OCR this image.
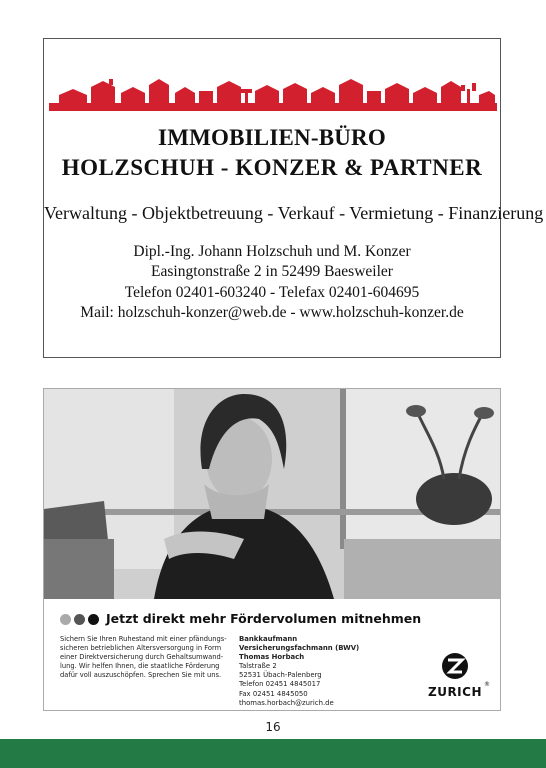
IMMOBILIEN-BÜRO
HOLZSCHUH - KONZER & PARTNER
Verwaltung - Objektbetreuung - Verkauf - Vermietung - Finanzierung
Dipl.-Ing. Johann Holzschuh und M. Konzer
Easingtonstraße 2 in 52499 Baesweiler
Telefon 02401-603240 - Telefax 02401-604695
Mail: holzschuh-konzer@web.de - www.holzschuh-konzer.de
Jetzt direkt mehr Fördervolumen mitnehmen
Sichern Sie Ihren Ruhestand mit einer pfändungs-
sicheren betrieblichen Altersversorgung in Form
einer Direktversicherung durch Gehaltsumwand-
lung. Wir helfen Ihnen, die staatliche Förderung
dafür voll auszuschöpfen. Sprechen Sie mit uns.
Bankkaufmann
Versicherungsfachmann (BWV)
Thomas Horbach
Talstraße 2
52531 Übach-Palenberg
Telefon 02451 4845017
Fax 02451 4845050
thomas.horbach@zurich.de
ZURICH
®
16
